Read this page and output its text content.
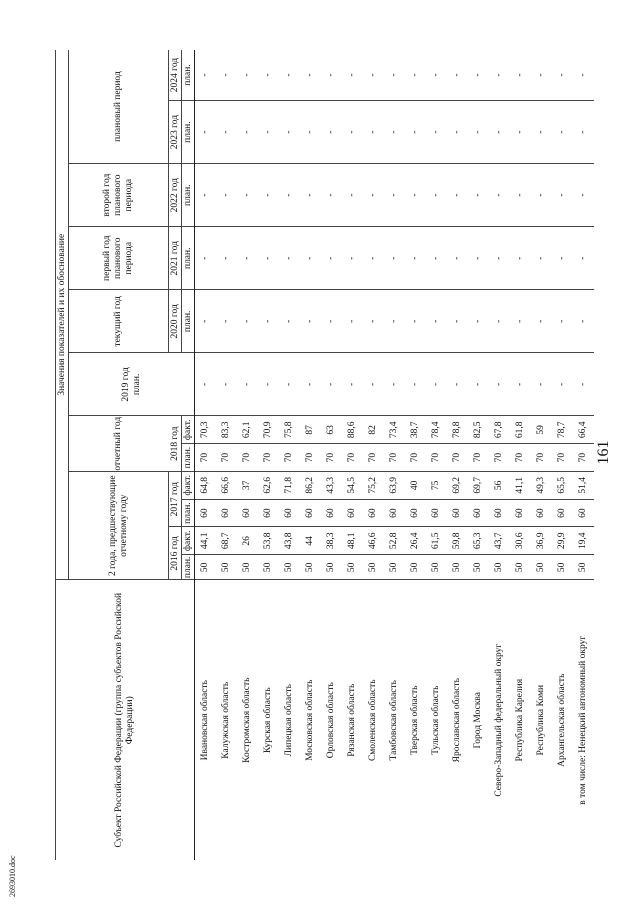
161
2693010.doc
Субъект Российской Федерации (группа субъектов Российской Федерации)	Значения показателей и их обоснование											
	2 года, предшествующие отчетному году				отчетный год		2019 год план.	текущий год	первый год планового периода	второй год планового периода	плановый период	
	2016 год		2017 год		2018 год			2020 год	2021 год	2022 год	2023 год	2024 год
	план.	факт.	план.	факт.	план.	факт.		план.	план.	план.	план.	план.
Ивановская область	50	44,1	60	64,8	70	70,3	-	-	-	-	-	-
Калужская область	50	68,7	60	66,6	70	83,3	-	-	-	-	-	-
Костромская область	50	26	60	37	70	62,1	-	-	-	-	-	-
Курская область	50	53,8	60	62,6	70	70,9	-	-	-	-	-	-
Липецкая область	50	43,8	60	71,8	70	75,8	-	-	-	-	-	-
Московская область	50	44	60	86,2	70	87	-	-	-	-	-	-
Орловская область	50	38,3	60	43,3	70	63	-	-	-	-	-	-
Рязанская область	50	48,1	60	54,5	70	88,6	-	-	-	-	-	-
Смоленская область	50	46,6	60	75,2	70	82	-	-	-	-	-	-
Тамбовская область	50	52,8	60	63,9	70	73,4	-	-	-	-	-	-
Тверская область	50	26,4	60	40	70	38,7	-	-	-	-	-	-
Тульская область	50	61,5	60	75	70	78,4	-	-	-	-	-	-
Ярославская область	50	59,8	60	69,2	70	78,8	-	-	-	-	-	-
Город Москва	50	65,3	60	69,7	70	82,5	-	-	-	-	-	-
Северо-Западный федеральный округ	50	43,7	60	56	70	67,8	-	-	-	-	-	-
Республика Карелия	50	30,6	60	41,1	70	61,8	-	-	-	-	-	-
Республика Коми	50	36,9	60	49,3	70	59	-	-	-	-	-	-
Архангельская область	50	29,9	60	65,5	70	78,7	-	-	-	-	-	-
в том числе: Ненецкий автономный округ	50	19,4	60	51,4	70	66,4	-	-	-	-	-	-
